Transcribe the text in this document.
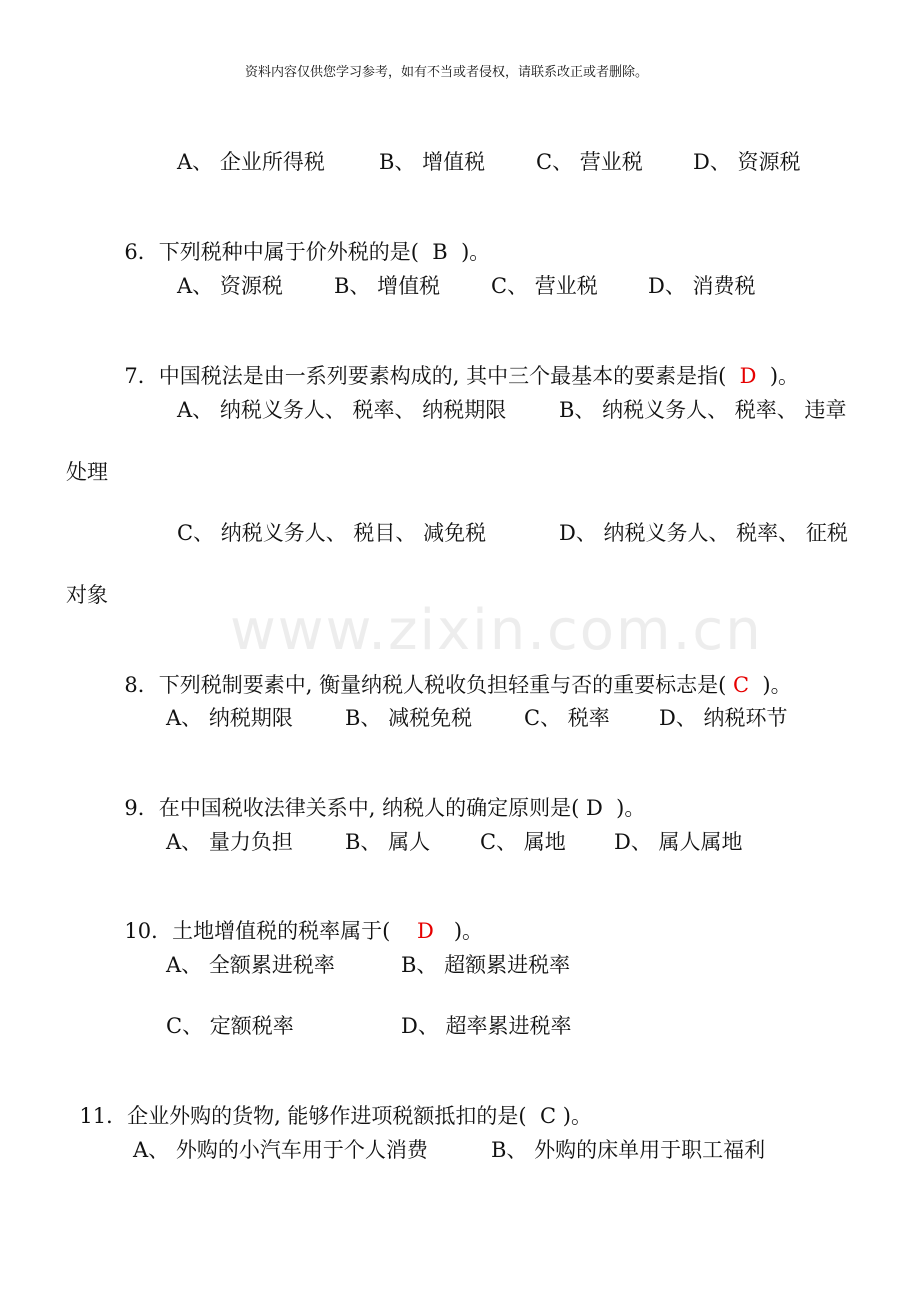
资料内容仅供您学习参考，如有不当或者侵权，请联系改正或者删除。
www.zixin.com.cn
A、 企业所得税	B、 增值税 C、 营业税 D、 资源税

6．下列税种中属于价外税的是( B )。

A、 资源税 B、 增值税 C、 营业税 D、 消费税

7．中国税法是由一系列要素构成的, 其中三个最基本的要素是指( D )。

A、 纳税义务人、 税率、 纳税期限	B、 纳税义务人、 税率、 违章
处理
C、 纳税义务人、 税目、 减免税	D、 纳税义务人、 税率、 征税
对象

8．下列税制要素中, 衡量纳税人税收负担轻重与否的重要标志是( C )。

A、 纳税期限 B、 减税免税 C、 税率 D、 纳税环节

9．在中国税收法律关系中, 纳税人的确定原则是( D )。

A、 量力负担 B、 属人 C、 属地 D、 属人属地

10．土地增值税的税率属于( D )。

A、 全额累进税率	B、 超额累进税率
C、 定额税率	D、 超率累进税率

11．企业外购的货物, 能够作进项税额抵扣的是( C )。

A、 外购的小汽车用于个人消费	B、 外购的床单用于职工福利
